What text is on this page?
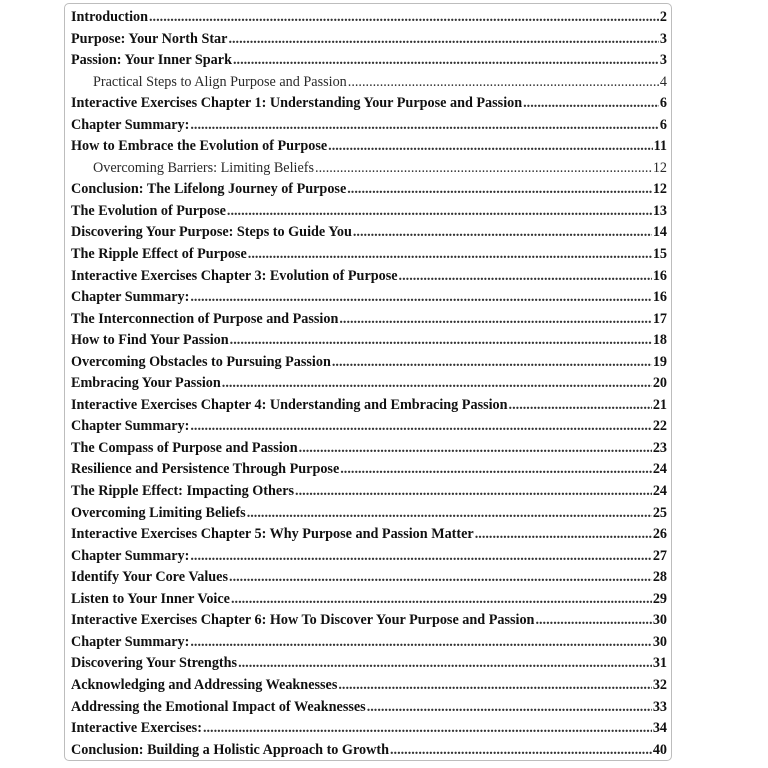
Introduction .....	2
Purpose: Your North Star .....	3
Passion: Your Inner Spark .....	3
Practical Steps to Align Purpose and Passion .....	4
Interactive Exercises Chapter 1: Understanding Your Purpose and Passion .....	6
Chapter Summary: .....	6
How to Embrace the Evolution of Purpose .....	11
Overcoming Barriers: Limiting Beliefs .....	12
Conclusion: The Lifelong Journey of Purpose .....	12
The Evolution of Purpose .....	13
Discovering Your Purpose: Steps to Guide You .....	14
The Ripple Effect of Purpose .....	15
Interactive Exercises Chapter 3: Evolution of Purpose .....	16
Chapter Summary: .....	16
The Interconnection of Purpose and Passion .....	17
How to Find Your Passion .....	18
Overcoming Obstacles to Pursuing Passion .....	19
Embracing Your Passion .....	20
Interactive Exercises Chapter 4: Understanding and Embracing Passion .....	21
Chapter Summary: .....	22
The Compass of Purpose and Passion .....	23
Resilience and Persistence Through Purpose .....	24
The Ripple Effect: Impacting Others .....	24
Overcoming Limiting Beliefs .....	25
Interactive Exercises Chapter 5: Why Purpose and Passion Matter .....	26
Chapter Summary: .....	27
Identify Your Core Values .....	28
Listen to Your Inner Voice .....	29
Interactive Exercises Chapter 6: How To Discover Your Purpose and Passion .....	30
Chapter Summary: .....	30
Discovering Your Strengths .....	31
Acknowledging and Addressing Weaknesses .....	32
Addressing the Emotional Impact of Weaknesses .....	33
Interactive Exercises: .....	34
Conclusion: Building a Holistic Approach to Growth .....	40
